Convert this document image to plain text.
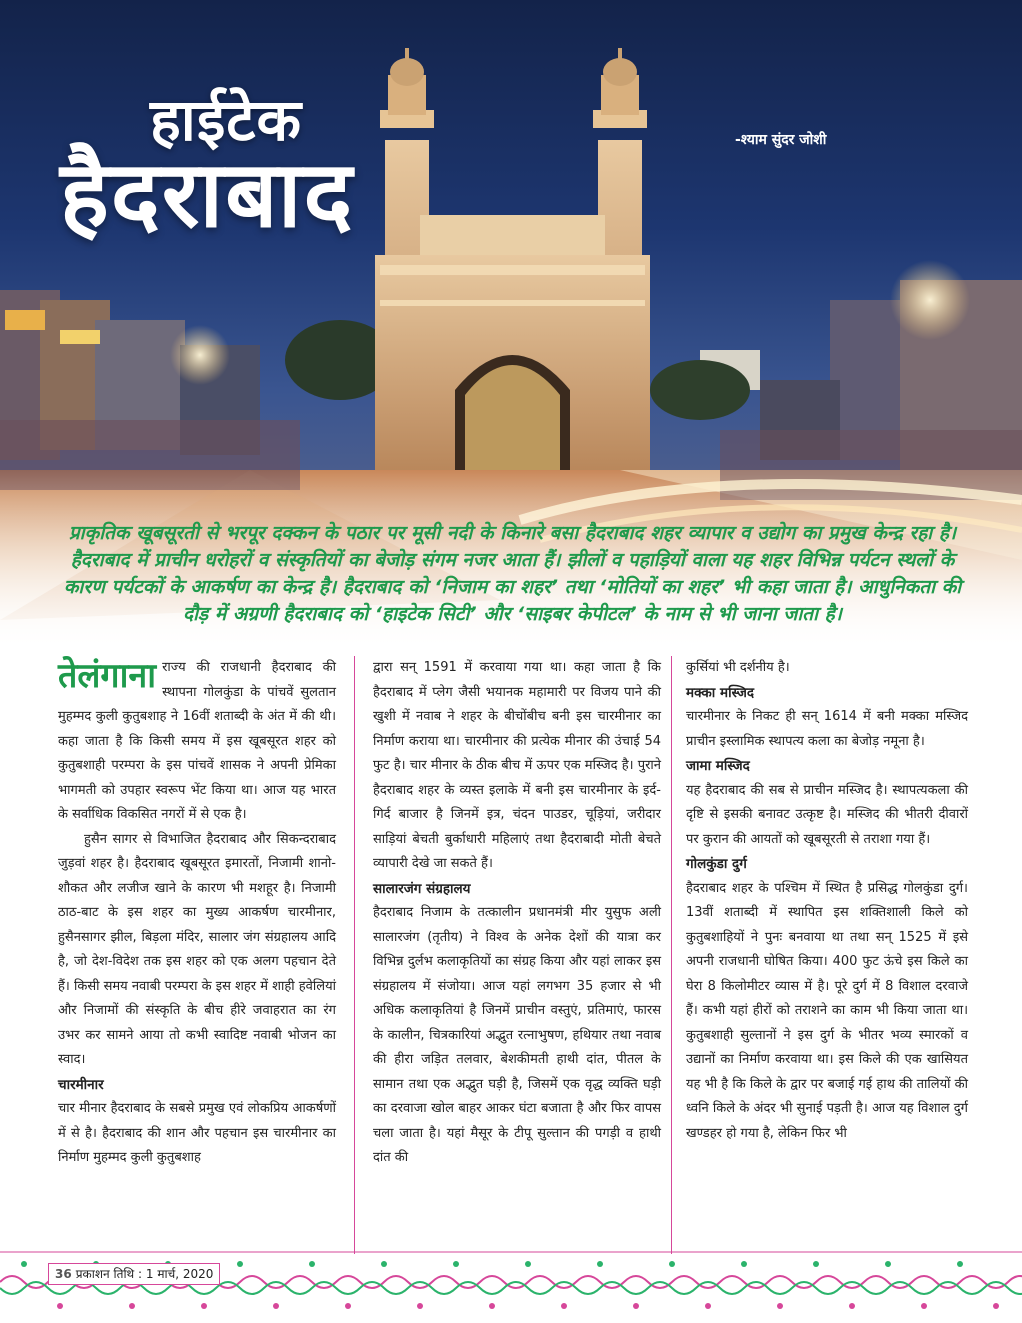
हाईटेक
हैदराबाद
-श्याम सुंदर जोशी
प्राकृतिक खूबसूरती से भरपूर दक्कन के पठार पर मूसी नदी के किनारे बसा हैदराबाद शहर व्यापार व उद्योग का प्रमुख केन्द्र रहा है। हैदराबाद में प्राचीन धरोहरों व संस्कृतियों का बेजोड़ संगम नजर आता हैं। झीलों व पहाड़ियों वाला यह शहर विभिन्न पर्यटन स्थलों के कारण पर्यटकों के आकर्षण का केन्द्र है। हैदराबाद को ‘निजाम का शहर’ तथा ‘मोतियों का शहर’ भी कहा जाता है। आधुनिकता की दौड़ में अग्रणी हैदराबाद को ‘हाइटेक सिटी’ और ‘साइबर केपीटल’ के नाम से भी जाना जाता है।

तेलंगाना राज्य की राजधानी हैदराबाद की स्थापना गोलकुंडा के पांचवें सुलतान मुहम्मद कुली कुतुबशाह ने 16वीं शताब्दी के अंत में की थी। कहा जाता है कि किसी समय में इस खूबसूरत शहर को कुतुबशाही परम्परा के इस पांचवें शासक ने अपनी प्रेमिका भागमती को उपहार स्वरूप भेंट किया था। आज यह भारत के सर्वाधिक विकसित नगरों में से एक है।

हुसैन सागर से विभाजित हैदराबाद और सिकन्दराबाद जुड़वां शहर है। हैदराबाद खूबसूरत इमारतों, निजामी शानो-शौकत और लजीज खाने के कारण भी मशहूर है। निजामी ठाठ-बाट के इस शहर का मुख्य आकर्षण चारमीनार, हुसैनसागर झील, बिड़ला मंदिर, सालार जंग संग्रहालय आदि है, जो देश-विदेश तक इस शहर को एक अलग पहचान देते हैं। किसी समय नवाबी परम्परा के इस शहर में शाही हवेलियां और निजामों की संस्कृति के बीच हीरे जवाहरात का रंग उभर कर सामने आया तो कभी स्वादिष्ट नवाबी भोजन का स्वाद।

चारमीनार

चार मीनार हैदराबाद के सबसे प्रमुख एवं लोकप्रिय आकर्षणों में से है। हैदराबाद की शान और पहचान इस चारमीनार का निर्माण मुहम्मद कुली कुतुबशाह

द्वारा सन् 1591 में करवाया गया था। कहा जाता है कि हैदराबाद में प्लेग जैसी भयानक महामारी पर विजय पाने की खुशी में नवाब ने शहर के बीचोंबीच बनी इस चारमीनार का निर्माण कराया था। चारमीनार की प्रत्येक मीनार की उंचाई 54 फुट है। चार मीनार के ठीक बीच में ऊपर एक मस्जिद है। पुराने हैदराबाद शहर के व्यस्त इलाके में बनी इस चारमीनार के इर्द-गिर्द बाजार है जिनमें इत्र, चंदन पाउडर, चूड़ियां, जरीदार साड़ियां बेचती बुर्काधारी महिलाएं तथा हैदराबादी मोती बेचते व्यापारी देखे जा सकते हैं।

सालारजंग संग्रहालय

हैदराबाद निजाम के तत्कालीन प्रधानमंत्री मीर युसुफ अली सालारजंग (तृतीय) ने विश्व के अनेक देशों की यात्रा कर विभिन्न दुर्लभ कलाकृतियों का संग्रह किया और यहां लाकर इस संग्रहालय में संजोया। आज यहां लगभग 35 हजार से भी अधिक कलाकृतियां है जिनमें प्राचीन वस्तुएं, प्रतिमाएं, फारस के कालीन, चित्रकारियां अद्भुत रत्नाभुषण, हथियार तथा नवाब की हीरा जड़ित तलवार, बेशकीमती हाथी दांत, पीतल के सामान तथा एक अद्भुत घड़ी है, जिसमें एक वृद्ध व्यक्ति घड़ी का दरवाजा खोल बाहर आकर घंटा बजाता है और फिर वापस चला जाता है। यहां मैसूर के टीपू सुल्तान की पगड़ी व हाथी दांत की

कुर्सियां भी दर्शनीय है।

मक्का मस्जिद

चारमीनार के निकट ही सन् 1614 में बनी मक्का मस्जिद प्राचीन इस्लामिक स्थापत्य कला का बेजोड़ नमूना है।

जामा मस्जिद

यह हैदराबाद की सब से प्राचीन मस्जिद है। स्थापत्यकला की दृष्टि से इसकी बनावट उत्कृष्ट है। मस्जिद की भीतरी दीवारों पर कुरान की आयतों को खूबसूरती से तराशा गया हैं।

गोलकुंडा दुर्ग

हैदराबाद शहर के पश्चिम में स्थित है प्रसिद्ध गोलकुंडा दुर्ग। 13वीं शताब्दी में स्थापित इस शक्तिशाली किले को कुतुबशाहियों ने पुनः बनवाया था तथा सन् 1525 में इसे अपनी राजधानी घोषित किया। 400 फुट ऊंचे इस किले का घेरा 8 किलोमीटर व्यास में है। पूरे दुर्ग में 8 विशाल दरवाजे हैं। कभी यहां हीरों को तराशने का काम भी किया जाता था। कुतुबशाही सुल्तानों ने इस दुर्ग के भीतर भव्य स्मारकों व उद्यानों का निर्माण करवाया था। इस किले की एक खासियत यह भी है कि किले के द्वार पर बजाई गई हाथ की तालियों की ध्वनि किले के अंदर भी सुनाई पड़ती है। आज यह विशाल दुर्ग खण्डहर हो गया है, लेकिन फिर भी

36 प्रकाशन तिथि : 1 मार्च, 2020
